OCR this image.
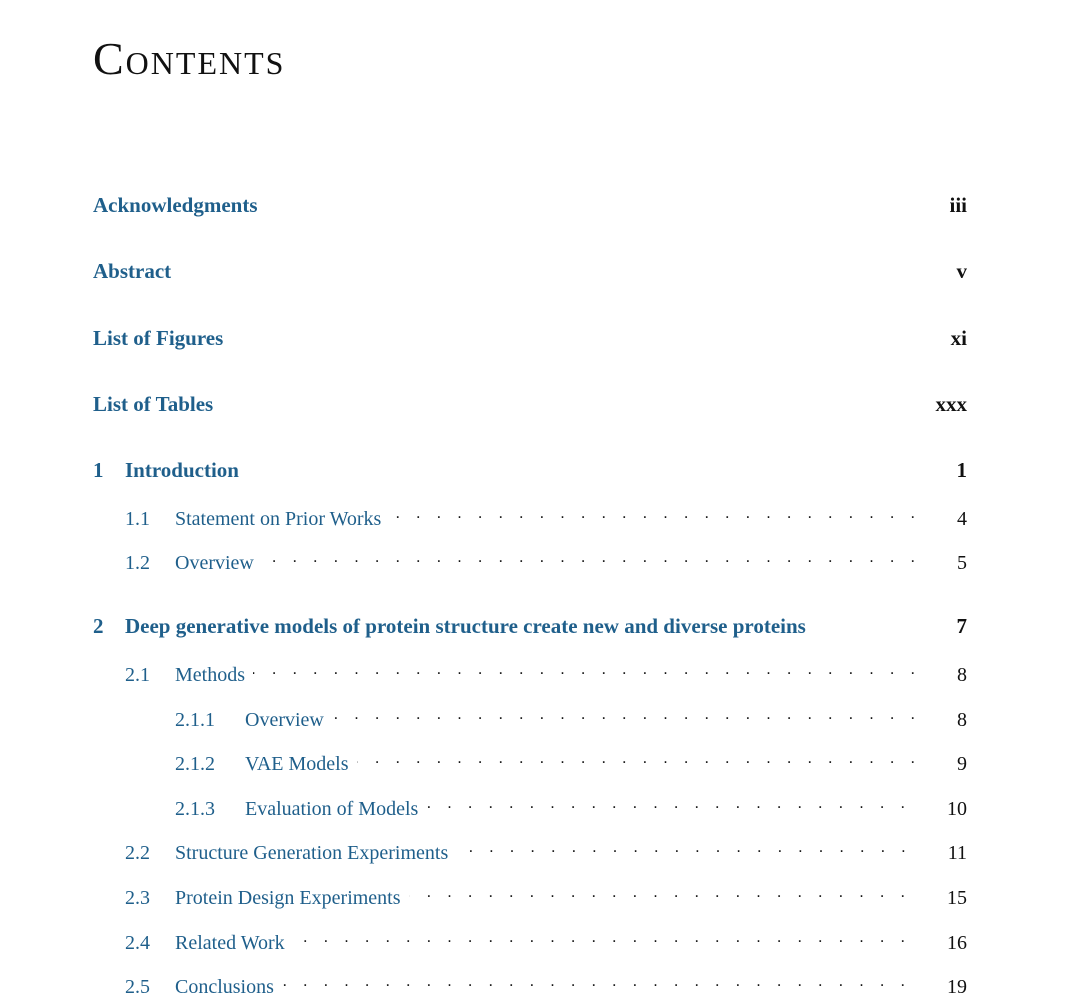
Contents
Acknowledgments	iii
Abstract	v
List of Figures	xi
List of Tables	xxx
1	Introduction	1
1.1	Statement on Prior Works . . .	4
1.2	Overview . . .	5
2	Deep generative models of protein structure create new and diverse proteins	7
2.1	Methods . . .	8
2.1.1	Overview . . .	8
2.1.2	VAE Models . . .	9
2.1.3	Evaluation of Models . . .	10
2.2	Structure Generation Experiments . . .	11
2.3	Protein Design Experiments . . .	15
2.4	Related Work . . .	16
2.5	Conclusions . . .	19
